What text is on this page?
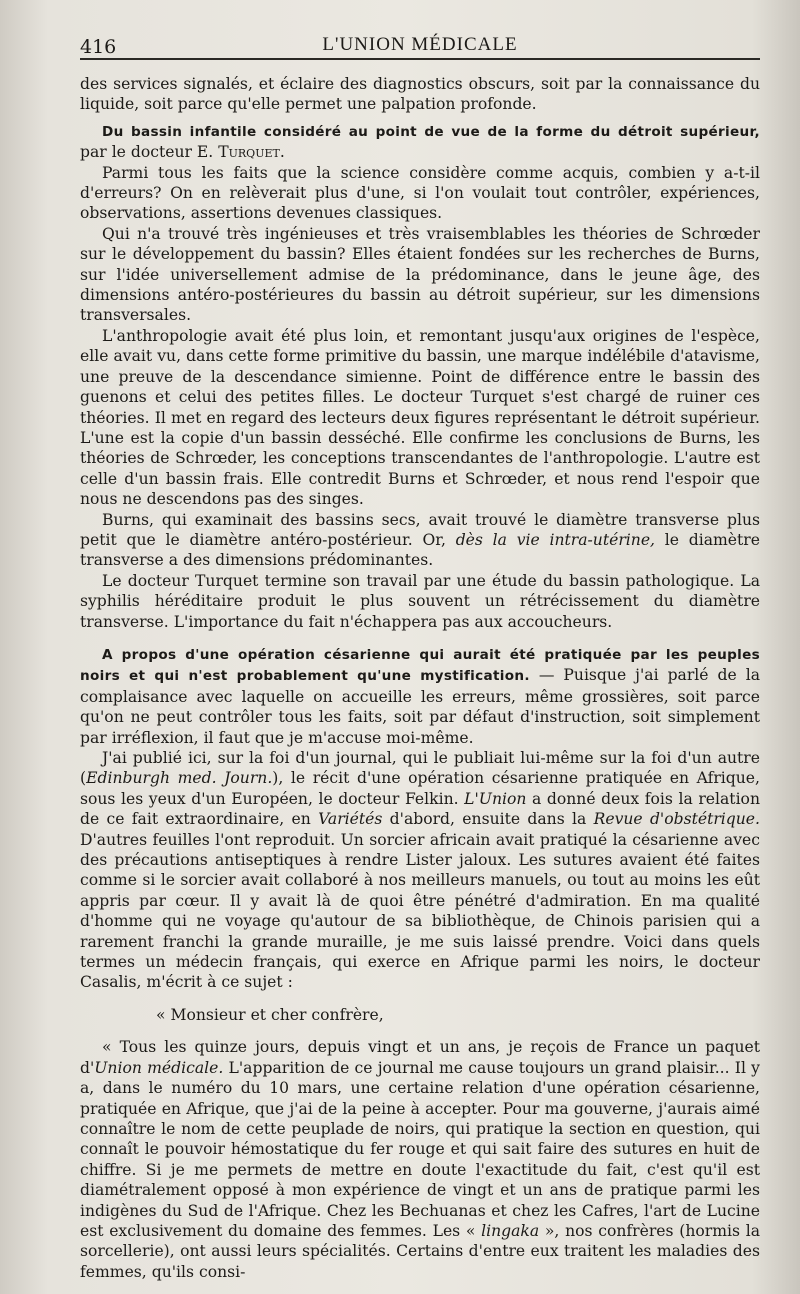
416	L'UNION MÉDICALE

des services signalés, et éclaire des diagnostics obscurs, soit par la connaissance du liquide, soit parce qu'elle permet une palpation profonde.

Du bassin infantile considéré au point de vue de la forme du détroit supérieur, par le docteur E. Turquet.

Parmi tous les faits que la science considère comme acquis, combien y a-t-il d'erreurs? On en relèverait plus d'une, si l'on voulait tout contrôler, expériences, observations, assertions devenues classiques.

Qui n'a trouvé très ingénieuses et très vraisemblables les théories de Schrœder sur le développement du bassin? Elles étaient fondées sur les recherches de Burns, sur l'idée universellement admise de la prédominance, dans le jeune âge, des dimensions antéro-postérieures du bassin au détroit supérieur, sur les dimensions transversales.

L'anthropologie avait été plus loin, et remontant jusqu'aux origines de l'espèce, elle avait vu, dans cette forme primitive du bassin, une marque indélébile d'atavisme, une preuve de la descendance simienne. Point de différence entre le bassin des guenons et celui des petites filles. Le docteur Turquet s'est chargé de ruiner ces théories. Il met en regard des lecteurs deux figures représentant le détroit supérieur. L'une est la copie d'un bassin desséché. Elle confirme les conclusions de Burns, les théories de Schrœder, les conceptions transcendantes de l'anthropologie. L'autre est celle d'un bassin frais. Elle contredit Burns et Schrœder, et nous rend l'espoir que nous ne descendons pas des singes.

Burns, qui examinait des bassins secs, avait trouvé le diamètre transverse plus petit que le diamètre antéro-postérieur. Or, dès la vie intra-utérine, le diamètre transverse a des dimensions prédominantes.

Le docteur Turquet termine son travail par une étude du bassin pathologique. La syphilis héréditaire produit le plus souvent un rétrécissement du diamètre transverse. L'importance du fait n'échappera pas aux accoucheurs.

A propos d'une opération césarienne qui aurait été pratiquée par les peuples noirs et qui n'est probablement qu'une mystification. — Puisque j'ai parlé de la complaisance avec laquelle on accueille les erreurs, même grossières, soit parce qu'on ne peut contrôler tous les faits, soit par défaut d'instruction, soit simplement par irréflexion, il faut que je m'accuse moi-même.

J'ai publié ici, sur la foi d'un journal, qui le publiait lui-même sur la foi d'un autre (Edinburgh med. Journ.), le récit d'une opération césarienne pratiquée en Afrique, sous les yeux d'un Européen, le docteur Felkin. L'Union a donné deux fois la relation de ce fait extraordinaire, en Variétés d'abord, ensuite dans la Revue d'obstétrique. D'autres feuilles l'ont reproduit. Un sorcier africain avait pratiqué la césarienne avec des précautions antiseptiques à rendre Lister jaloux. Les sutures avaient été faites comme si le sorcier avait collaboré à nos meilleurs manuels, ou tout au moins les eût appris par cœur. Il y avait là de quoi être pénétré d'admiration. En ma qualité d'homme qui ne voyage qu'autour de sa bibliothèque, de Chinois parisien qui a rarement franchi la grande muraille, je me suis laissé prendre. Voici dans quels termes un médecin français, qui exerce en Afrique parmi les noirs, le docteur Casalis, m'écrit à ce sujet :

« Monsieur et cher confrère,

« Tous les quinze jours, depuis vingt et un ans, je reçois de France un paquet d'Union médicale. L'apparition de ce journal me cause toujours un grand plaisir... Il y a, dans le numéro du 10 mars, une certaine relation d'une opération césarienne, pratiquée en Afrique, que j'ai de la peine à accepter. Pour ma gouverne, j'aurais aimé connaître le nom de cette peuplade de noirs, qui pratique la section en question, qui connaît le pouvoir hémostatique du fer rouge et qui sait faire des sutures en huit de chiffre. Si je me permets de mettre en doute l'exactitude du fait, c'est qu'il est diamétralement opposé à mon expérience de vingt et un ans de pratique parmi les indigènes du Sud de l'Afrique. Chez les Bechuanas et chez les Cafres, l'art de Lucine est exclusivement du domaine des femmes. Les « lingaka », nos confrères (hormis la sorcellerie), ont aussi leurs spécialités. Certains d'entre eux traitent les maladies des femmes, qu'ils consi-
